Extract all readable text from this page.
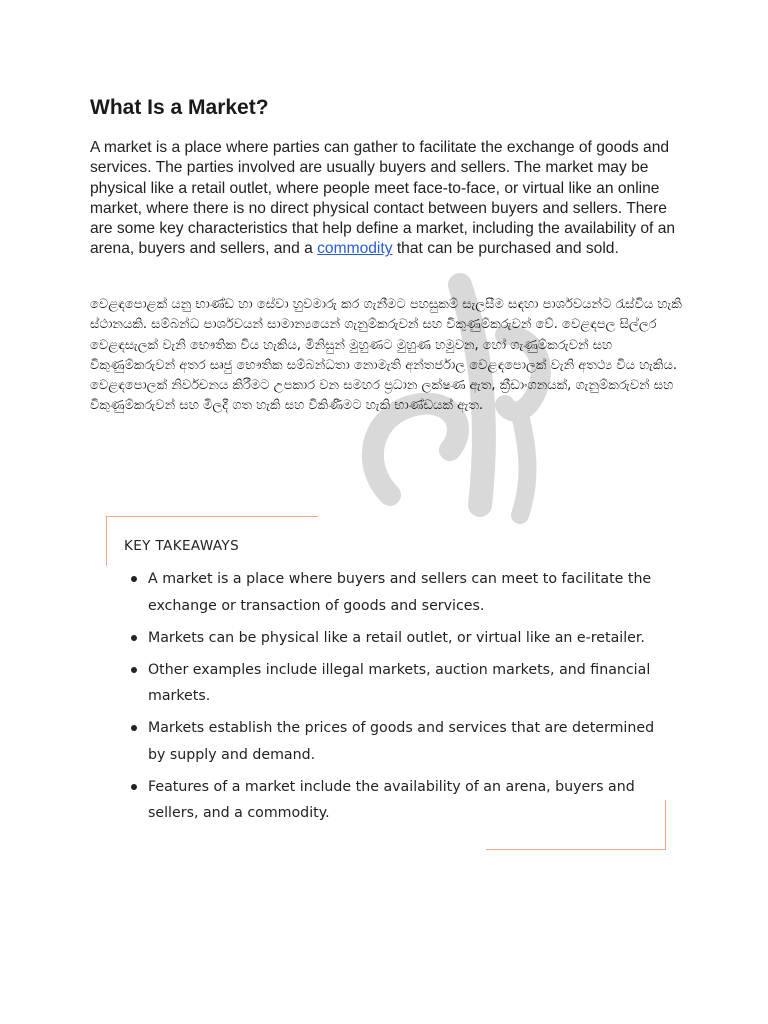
What Is a Market?

A market is a place where parties can gather to facilitate the exchange of goods and services. The parties involved are usually buyers and sellers. The market may be physical like a retail outlet, where people meet face-to-face, or virtual like an online market, where there is no direct physical contact between buyers and sellers. There are some key characteristics that help define a market, including the availability of an arena, buyers and sellers, and a commodity that can be purchased and sold.

වෙළඳපොළක් යනු භාණ්ඩ හා සේවා හුවමාරු කර ගැනීමට පහසුකම් සැලසීම සඳහා පාර්ශවයන්ට රැස්විය හැකි ස්ථානයකි. සම්බන්ධ පාර්ශවයන් සාමාන්‍යයෙන් ගැනුම්කරුවන් සහ විකුණුම්කරුවන් වේ. වෙළඳපල සිල්ලර වෙළඳසැලක් වැනි භෞතික විය හැකිය, මිනිසුන් මුහුණට මුහුණ හමුවන, හෝ ගැණුම්කරුවන් සහ විකුණුම්කරුවන් අතර සෘජු භෞතික සම්බන්ධතා නොමැති අන්තර්ජාල වෙළඳපොලක් වැනි අතථ්‍ය විය හැකිය. වෙළඳපොලක් නිර්වචනය කිරීමට උපකාර වන සමහර ප්‍රධාන ලක්ෂණ ඇත, ක්‍රීඩාංගනයක්, ගැනුම්කරුවන් සහ විකුණුම්කරුවන් සහ මිලදී ගත හැකි සහ විකිණීමට හැකි භාණ්ඩයක් ඇත.

KEY TAKEAWAYS
A market is a place where buyers and sellers can meet to facilitate the exchange or transaction of goods and services.
Markets can be physical like a retail outlet, or virtual like an e-retailer.
Other examples include illegal markets, auction markets, and financial markets.
Markets establish the prices of goods and services that are determined by supply and demand.
Features of a market include the availability of an arena, buyers and sellers, and a commodity.
